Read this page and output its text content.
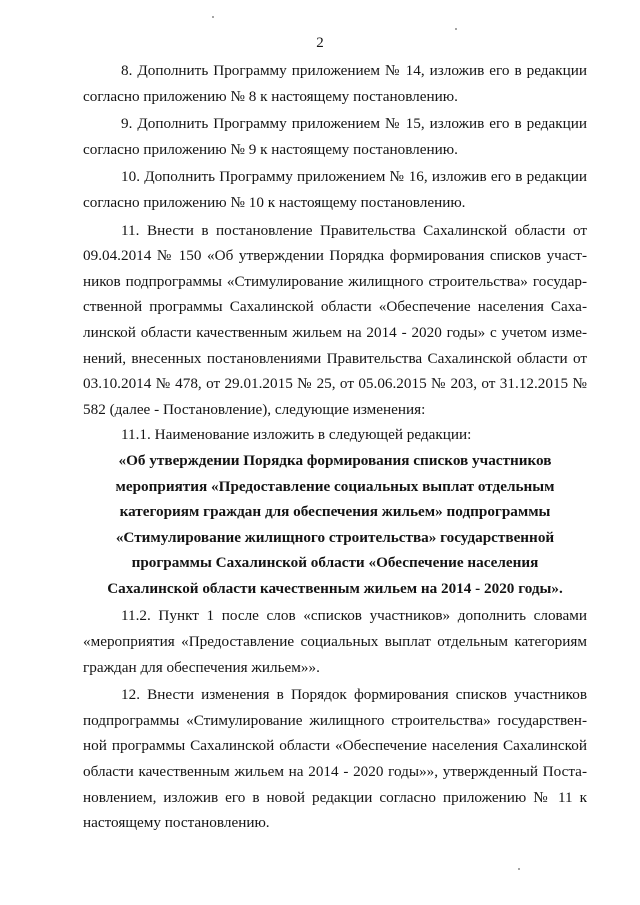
2

8. Дополнить Программу приложением № 14, изложив его в редакции согласно приложению № 8 к настоящему постановлению.

9. Дополнить Программу приложением № 15, изложив его в редакции согласно приложению № 9 к настоящему постановлению.

10. Дополнить Программу приложением № 16, изложив его в редакции согласно приложению № 10 к настоящему постановлению.

11. Внести в постановление Правительства Сахалинской области от 09.04.2014 № 150 «Об утверждении Порядка формирования списков участников подпрограммы «Стимулирование жилищного строительства» государственной программы Сахалинской области «Обеспечение населения Сахалинской области качественным жильем на 2014 - 2020 годы» с учетом изменений, внесенных постановлениями Правительства Сахалинской области от 03.10.2014 № 478, от 29.01.2015 № 25, от 05.06.2015 № 203, от 31.12.2015 № 582 (далее - Постановление), следующие изменения:

11.1. Наименование изложить в следующей редакции:

«Об утверждении Порядка формирования списков участников

мероприятия «Предоставление социальных выплат отдельным

категориям граждан для обеспечения жильем» подпрограммы

«Стимулирование жилищного строительства» государственной

программы Сахалинской области «Обеспечение населения

Сахалинской области качественным жильем на 2014 - 2020 годы».

11.2. Пункт 1 после слов «списков участников» дополнить словами «мероприятия «Предоставление социальных выплат отдельным категориям граждан для обеспечения жильем»».

12. Внести изменения в Порядок формирования списков участников подпрограммы «Стимулирование жилищного строительства» государственной программы Сахалинской области «Обеспечение населения Сахалинской области качественным жильем на 2014 - 2020 годы»», утвержденный Постановлением, изложив его в новой редакции согласно приложению № 11 к настоящему постановлению.
